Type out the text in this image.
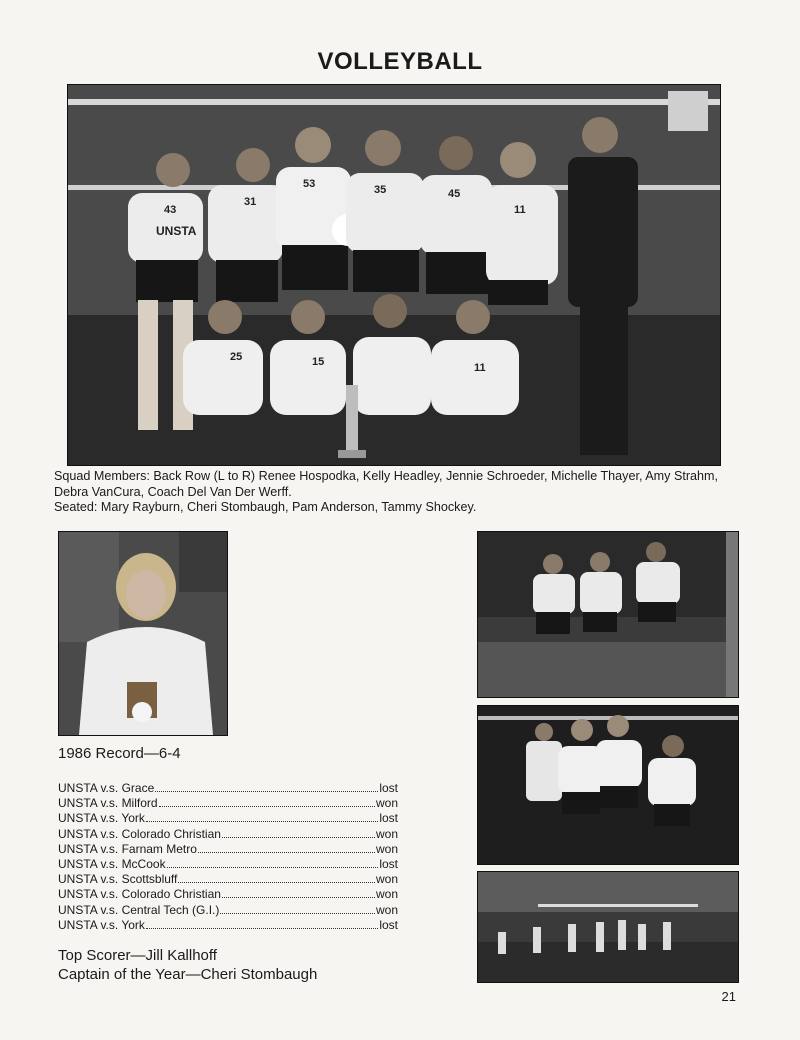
VOLLEYBALL
43
31
53	35	45
11
25	15	11
UNSTA

Squad Members: Back Row (L to R) Renee Hospodka, Kelly Headley, Jennie Schroeder, Michelle Thayer, Amy Strahm, Debra VanCura, Coach Del Van Der Werff.

Seated: Mary Rayburn, Cheri Stombaugh, Pam Anderson, Tammy Shockey.

1986 Record—6-4
UNSTA v.s. Grace	lost
UNSTA v.s. Milford	won
UNSTA v.s. York	lost
UNSTA v.s. Colorado Christian	won
UNSTA v.s. Farnam Metro	won
UNSTA v.s. McCook	lost
UNSTA v.s. Scottsbluff	won
UNSTA v.s. Colorado Christian	won
UNSTA v.s. Central Tech (G.I.)	won
UNSTA v.s. York	lost

Top Scorer—Jill Kallhoff

Captain of the Year—Cheri Stombaugh

21
